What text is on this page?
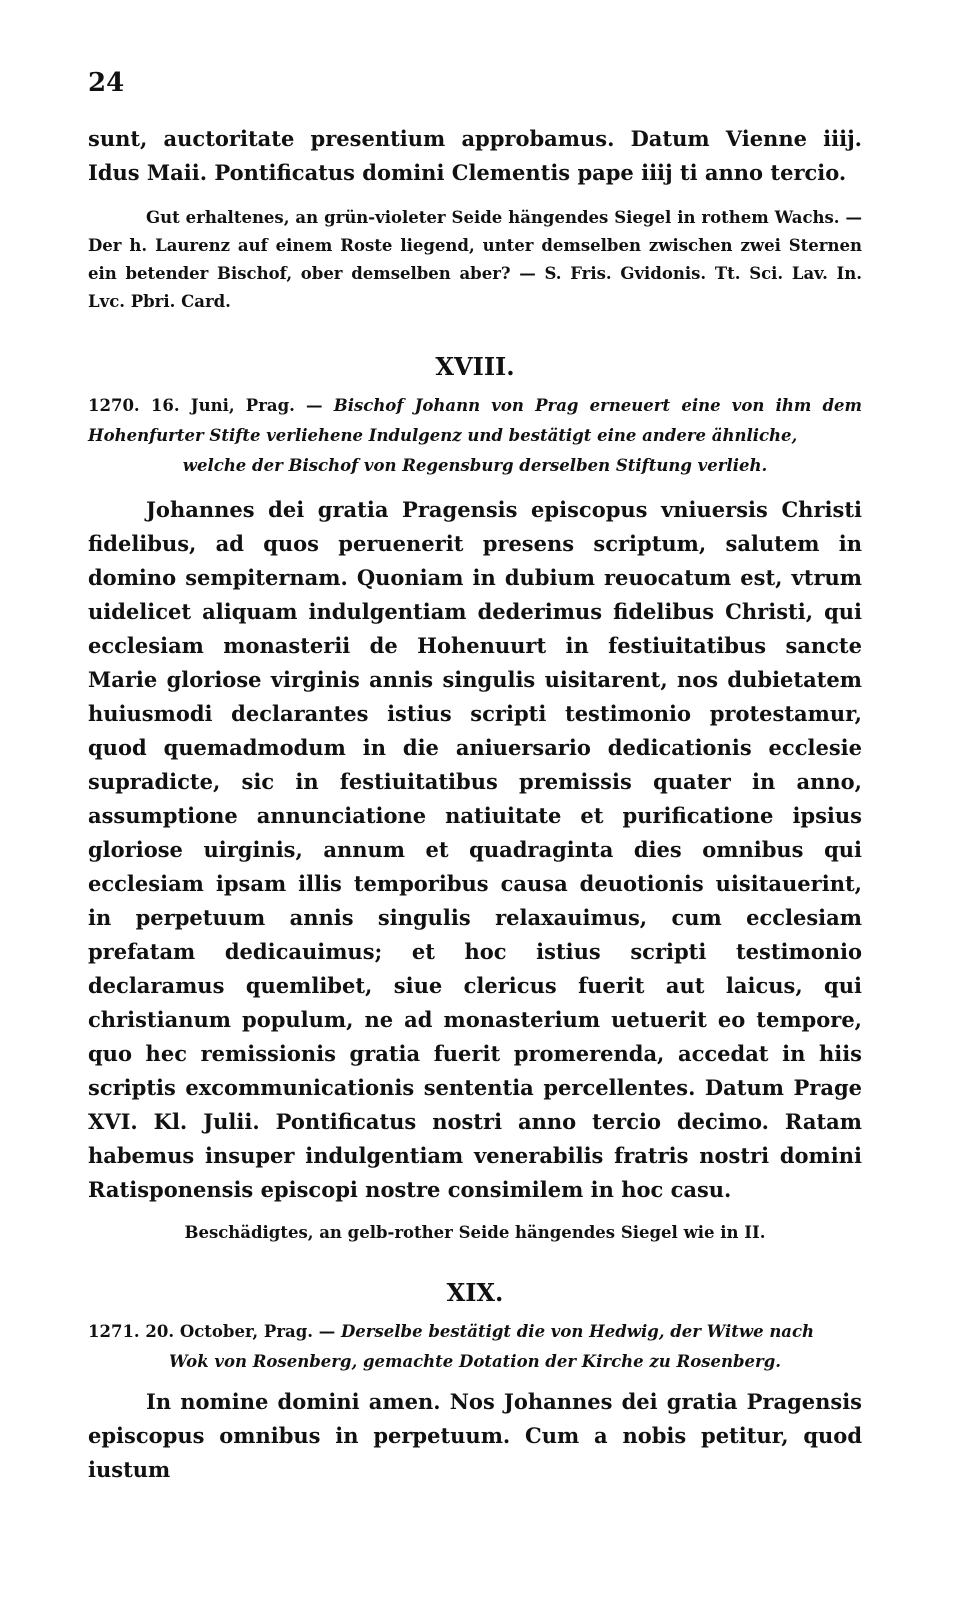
24

sunt, auctoritate presentium approbamus. Datum Vienne iiij. Idus Maii. Pontificatus domini Clementis pape iiij ti anno tercio.

Gut erhaltenes, an grün-violeter Seide hängendes Siegel in rothem Wachs. — Der h. Laurenz auf einem Roste liegend, unter demselben zwischen zwei Sternen ein betender Bischof, ober demselben aber? — S. Fris. Gvidonis. Tt. Sci. Lav. In. Lvc. Pbri. Card.

XVIII.
1270. 16. Juni, Prag. — Bischof Johann von Prag erneuert eine von ihm dem Hohenfurter Stifte verliehene Indulgenz und bestätigt eine andere ähnliche,
welche der Bischof von Regensburg derselben Stiftung verlieh.

Johannes dei gratia Pragensis episcopus vniuersis Christi fidelibus, ad quos peruenerit presens scriptum, salutem in domino sempiternam. Quoniam in dubium reuocatum est, vtrum uidelicet aliquam indulgentiam dederimus fidelibus Christi, qui ecclesiam monasterii de Hohenuurt in festiuitatibus sancte Marie gloriose virginis annis singulis uisitarent, nos dubietatem huiusmodi declarantes istius scripti testimonio protestamur, quod quemadmodum in die aniuersario dedicationis ecclesie supradicte, sic in festiuitatibus premissis quater in anno, assumptione annunciatione natiuitate et purificatione ipsius gloriose uirginis, annum et quadraginta dies omnibus qui ecclesiam ipsam illis temporibus causa deuotionis uisitauerint, in perpetuum annis singulis relaxauimus, cum ecclesiam prefatam dedicauimus; et hoc istius scripti testimonio declaramus quemlibet, siue clericus fuerit aut laicus, qui christianum populum, ne ad monasterium uetuerit eo tempore, quo hec remissionis gratia fuerit promerenda, accedat in hiis scriptis excommunicationis sententia percellentes. Datum Prage XVI. Kl. Julii. Pontificatus nostri anno tercio decimo. Ratam habemus insuper indulgentiam venerabilis fratris nostri domini Ratisponensis episcopi nostre consimilem in hoc casu.

Beschädigtes, an gelb-rother Seide hängendes Siegel wie in II.
XIX.
1271. 20. October, Prag. — Derselbe bestätigt die von Hedwig, der Witwe nach
Wok von Rosenberg, gemachte Dotation der Kirche zu Rosenberg.

In nomine domini amen. Nos Johannes dei gratia Pragensis episcopus omnibus in perpetuum. Cum a nobis petitur, quod iustum
